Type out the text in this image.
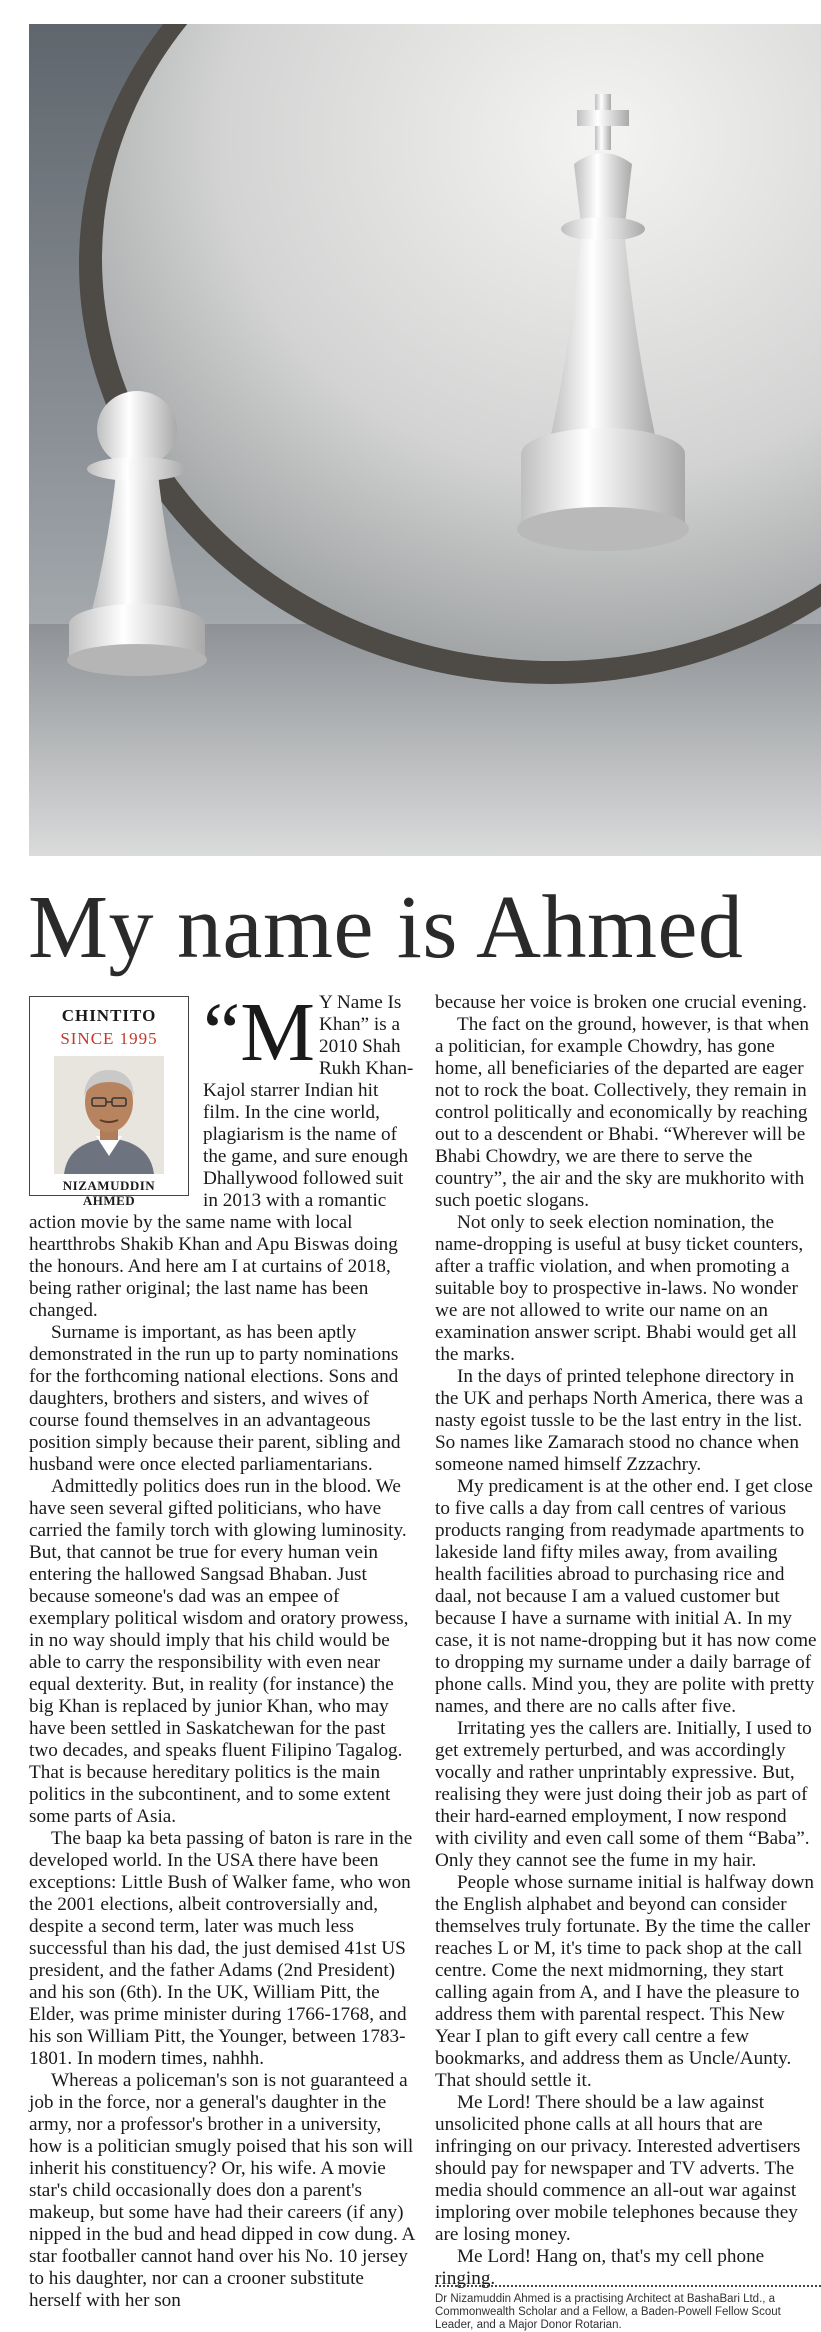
My name is Ahmed
CHINTITO
SINCE 1995
NIZAMUDDIN
AHMED

“M Y Name Is Khan” is a 2010 Shah Rukh Khan-Kajol starrer Indian hit film. In the cine world, plagiarism is the name of the game, and sure enough Dhallywood followed suit in 2013 with a romantic action movie by the same name with local heartthrobs Shakib Khan and Apu Biswas doing the honours. And here am I at curtains of 2018, being rather original; the last name has been changed.

Surname is important, as has been aptly demonstrated in the run up to party nominations for the forthcoming national elections. Sons and daughters, brothers and sisters, and wives of course found themselves in an advantageous position simply because their parent, sibling and husband were once elected parliamentarians.

Admittedly politics does run in the blood. We have seen several gifted politicians, who have carried the family torch with glowing luminosity. But, that cannot be true for every human vein entering the hallowed Sangsad Bhaban. Just because someone's dad was an empee of exemplary political wisdom and oratory prowess, in no way should imply that his child would be able to carry the responsibility with even near equal dexterity. But, in reality (for instance) the big Khan is replaced by junior Khan, who may have been settled in Saskatchewan for the past two decades, and speaks fluent Filipino Tagalog. That is because hereditary politics is the main politics in the subcontinent, and to some extent some parts of Asia.

The baap ka beta passing of baton is rare in the developed world. In the USA there have been exceptions: Little Bush of Walker fame, who won the 2001 elections, albeit controversially and, despite a second term, later was much less successful than his dad, the just demised 41st US president, and the father Adams (2nd President) and his son (6th). In the UK, William Pitt, the Elder, was prime minister during 1766-1768, and his son William Pitt, the Younger, between 1783-1801. In modern times, nahhh.

Whereas a policeman's son is not guaranteed a job in the force, nor a general's daughter in the army, nor a professor's brother in a university, how is a politician smugly poised that his son will inherit his constituency? Or, his wife. A movie star's child occasionally does don a parent's makeup, but some have had their careers (if any) nipped in the bud and head dipped in cow dung. A star footballer cannot hand over his No. 10 jersey to his daughter, nor can a crooner substitute herself with her son

because her voice is broken one crucial evening.

The fact on the ground, however, is that when a politician, for example Chowdry, has gone home, all beneficiaries of the departed are eager not to rock the boat. Collectively, they remain in control politically and economically by reaching out to a descendent or Bhabi. “Wherever will be Bhabi Chowdry, we are there to serve the country”, the air and the sky are mukhorito with such poetic slogans.

Not only to seek election nomination, the name-dropping is useful at busy ticket counters, after a traffic violation, and when promoting a suitable boy to prospective in-laws. No wonder we are not allowed to write our name on an examination answer script. Bhabi would get all the marks.

In the days of printed telephone directory in the UK and perhaps North America, there was a nasty egoist tussle to be the last entry in the list. So names like Zamarach stood no chance when someone named himself Zzzachry.

My predicament is at the other end. I get close to five calls a day from call centres of various products ranging from readymade apartments to lakeside land fifty miles away, from availing health facilities abroad to purchasing rice and daal, not because I am a valued customer but because I have a surname with initial A. In my case, it is not name-dropping but it has now come to dropping my surname under a daily barrage of phone calls. Mind you, they are polite with pretty names, and there are no calls after five.

Irritating yes the callers are. Initially, I used to get extremely perturbed, and was accordingly vocally and rather unprintably expressive. But, realising they were just doing their job as part of their hard-earned employment, I now respond with civility and even call some of them “Baba”. Only they cannot see the fume in my hair.

People whose surname initial is halfway down the English alphabet and beyond can consider themselves truly fortunate. By the time the caller reaches L or M, it's time to pack shop at the call centre. Come the next midmorning, they start calling again from A, and I have the pleasure to address them with parental respect. This New Year I plan to gift every call centre a few bookmarks, and address them as Uncle/Aunty. That should settle it.

Me Lord! There should be a law against unsolicited phone calls at all hours that are infringing on our privacy. Interested advertisers should pay for newspaper and TV adverts. The media should commence an all-out war against imploring over mobile telephones because they are losing money.

Me Lord! Hang on, that's my cell phone ringing.

Dr Nizamuddin Ahmed is a practising Architect at BashaBari Ltd., a Commonwealth Scholar and a Fellow, a Baden-Powell Fellow Scout Leader, and a Major Donor Rotarian.
